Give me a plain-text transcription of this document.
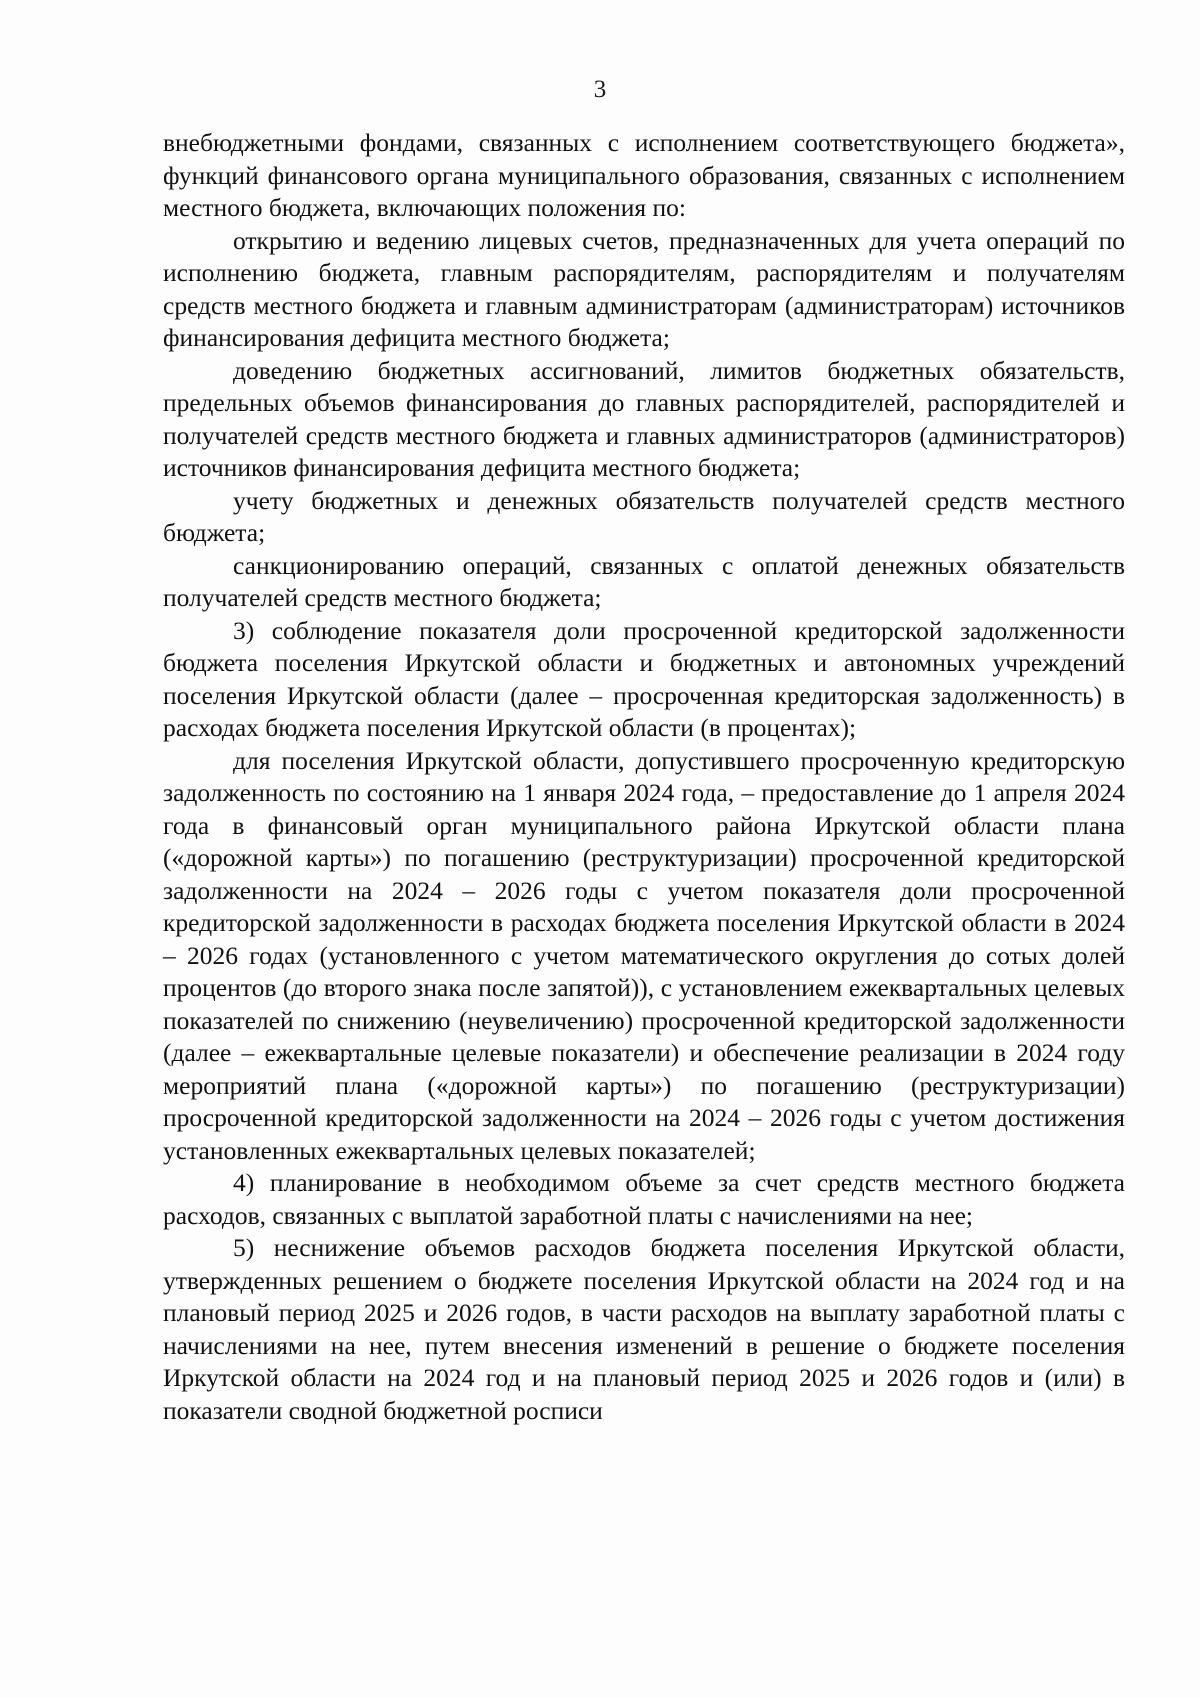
3

внебюджетными фондами, связанных с исполнением соответствующего бюджета», функций финансового органа муниципального образования, связанных с исполнением местного бюджета, включающих положения по:

открытию и ведению лицевых счетов, предназначенных для учета операций по исполнению бюджета, главным распорядителям, распорядителям и получателям средств местного бюджета и главным администраторам (администраторам) источников финансирования дефицита местного бюджета;

доведению бюджетных ассигнований, лимитов бюджетных обязательств, предельных объемов финансирования до главных распорядителей, распорядителей и получателей средств местного бюджета и главных администраторов (администраторов) источников финансирования дефицита местного бюджета;

учету бюджетных и денежных обязательств получателей средств местного бюджета;

санкционированию операций, связанных с оплатой денежных обязательств получателей средств местного бюджета;

3) соблюдение показателя доли просроченной кредиторской задолженности бюджета поселения Иркутской области и бюджетных и автономных учреждений поселения Иркутской области (далее – просроченная кредиторская задолженность) в расходах бюджета поселения Иркутской области (в процентах);

для поселения Иркутской области, допустившего просроченную кредиторскую задолженность по состоянию на 1 января 2024 года, – предоставление до 1 апреля 2024 года в финансовый орган муниципального района Иркутской области плана («дорожной карты») по погашению (реструктуризации) просроченной кредиторской задолженности на 2024 – 2026 годы с учетом показателя доли просроченной кредиторской задолженности в расходах бюджета поселения Иркутской области в 2024 – 2026 годах (установленного с учетом математического округления до сотых долей процентов (до второго знака после запятой)), с установлением ежеквартальных целевых показателей по снижению (неувеличению) просроченной кредиторской задолженности (далее – ежеквартальные целевые показатели) и обеспечение реализации в 2024 году мероприятий плана («дорожной карты») по погашению (реструктуризации) просроченной кредиторской задолженности на 2024 – 2026 годы с учетом достижения установленных ежеквартальных целевых показателей;

4) планирование в необходимом объеме за счет средств местного бюджета расходов, связанных с выплатой заработной платы с начислениями на нее;

5) неснижение объемов расходов бюджета поселения Иркутской области, утвержденных решением о бюджете поселения Иркутской области на 2024 год и на плановый период 2025 и 2026 годов, в части расходов на выплату заработной платы с начислениями на нее, путем внесения изменений в решение о бюджете поселения Иркутской области на 2024 год и на плановый период 2025 и 2026 годов и (или) в показатели сводной бюджетной росписи
